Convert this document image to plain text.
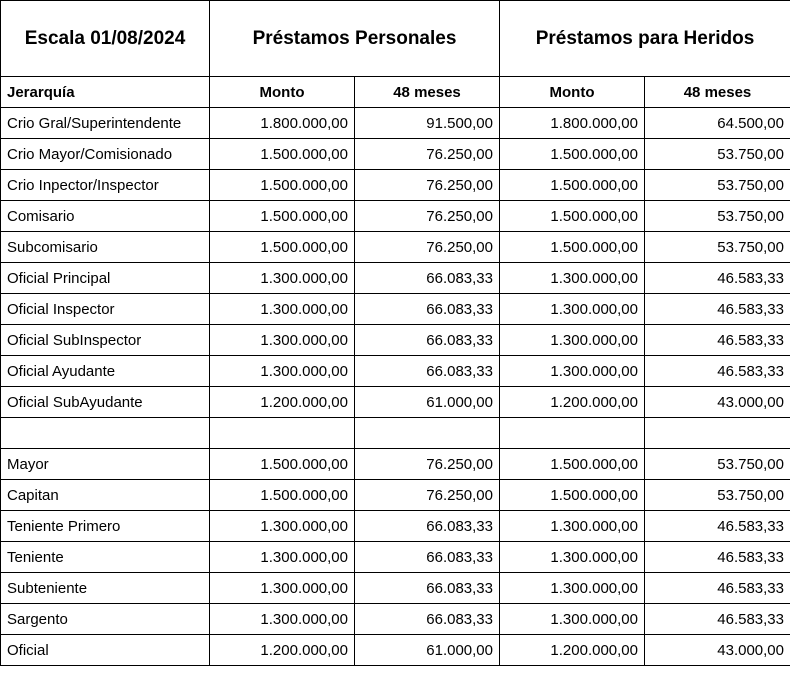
Escala 01/08/2024	Préstamos Personales		Préstamos para Heridos	
Jerarquía	Monto	48 meses	Monto	48 meses
Crio Gral/Superintendente	1.800.000,00	91.500,00	1.800.000,00	64.500,00
Crio Mayor/Comisionado	1.500.000,00	76.250,00	1.500.000,00	53.750,00
Crio Inpector/Inspector	1.500.000,00	76.250,00	1.500.000,00	53.750,00
Comisario	1.500.000,00	76.250,00	1.500.000,00	53.750,00
Subcomisario	1.500.000,00	76.250,00	1.500.000,00	53.750,00
Oficial Principal	1.300.000,00	66.083,33	1.300.000,00	46.583,33
Oficial Inspector	1.300.000,00	66.083,33	1.300.000,00	46.583,33
Oficial SubInspector	1.300.000,00	66.083,33	1.300.000,00	46.583,33
Oficial Ayudante	1.300.000,00	66.083,33	1.300.000,00	46.583,33
Oficial SubAyudante	1.200.000,00	61.000,00	1.200.000,00	43.000,00

Mayor	1.500.000,00	76.250,00	1.500.000,00	53.750,00
Capitan	1.500.000,00	76.250,00	1.500.000,00	53.750,00
Teniente Primero	1.300.000,00	66.083,33	1.300.000,00	46.583,33
Teniente	1.300.000,00	66.083,33	1.300.000,00	46.583,33
Subteniente	1.300.000,00	66.083,33	1.300.000,00	46.583,33
Sargento	1.300.000,00	66.083,33	1.300.000,00	46.583,33
Oficial	1.200.000,00	61.000,00	1.200.000,00	43.000,00
